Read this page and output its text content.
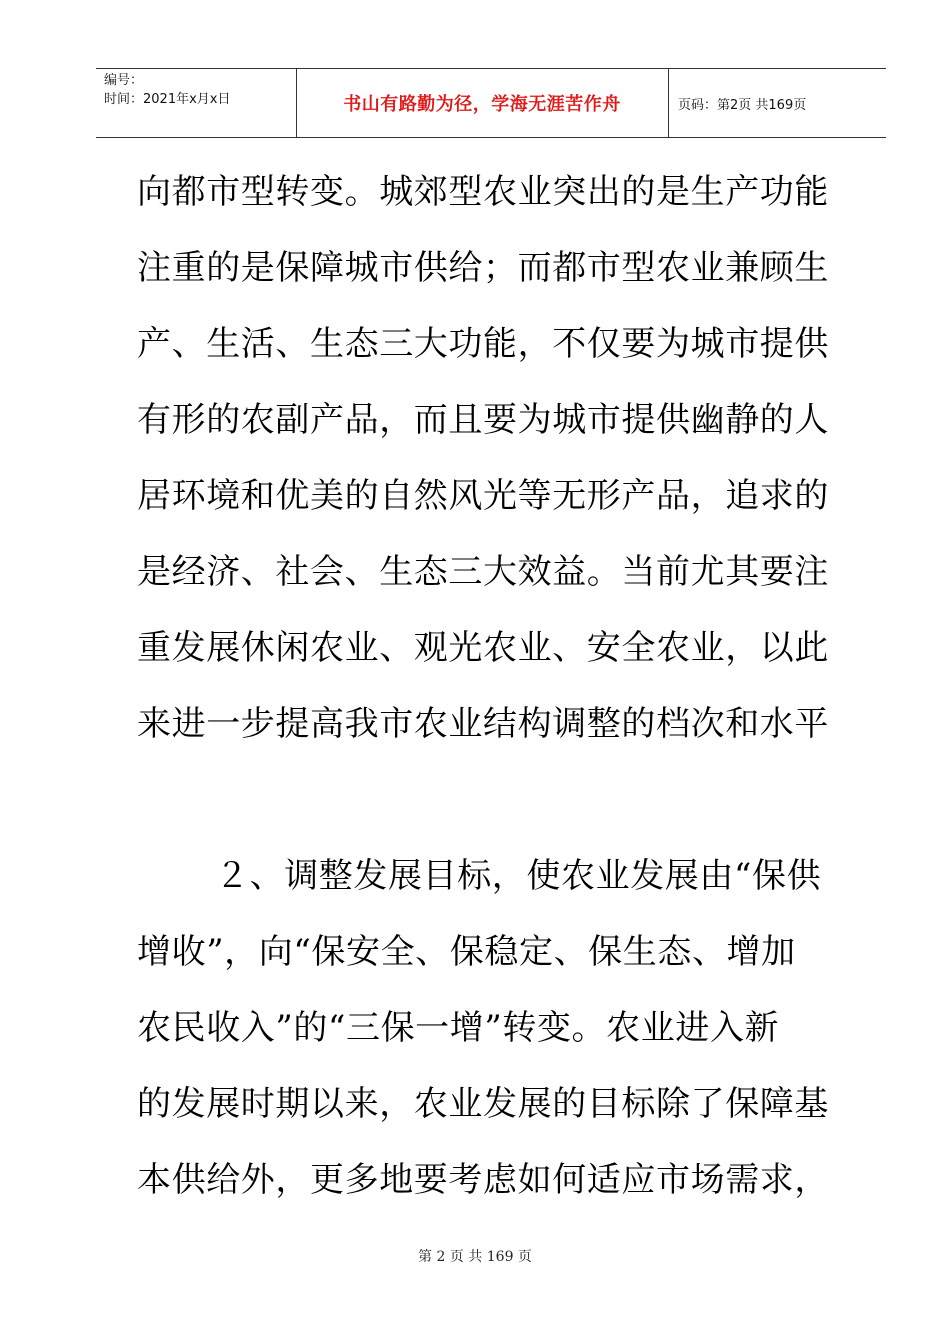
编号：
时间：2021年x月x日	书山有路勤为径，学海无涯苦作舟	页码：第2页 共169页
向都市型转变。城郊型农业突出的是生产功能
注重的是保障城市供给；而都市型农业兼顾生
产、生活、生态三大功能，不仅要为城市提供
有形的农副产品，而且要为城市提供幽静的人
居环境和优美的自然风光等无形产品，追求的
是经济、社会、生态三大效益。当前尤其要注
重发展休闲农业、观光农业、安全农业，以此
来进一步提高我市农业结构调整的档次和水平
２、调整发展目标，使农业发展由“保供
增收”，向“保安全、保稳定、保生态、增加
农民收入”的“三保一增”转变。农业进入新
的发展时期以来，农业发展的目标除了保障基
本供给外，更多地要考虑如何适应市场需求，
第 2 页 共 169 页
